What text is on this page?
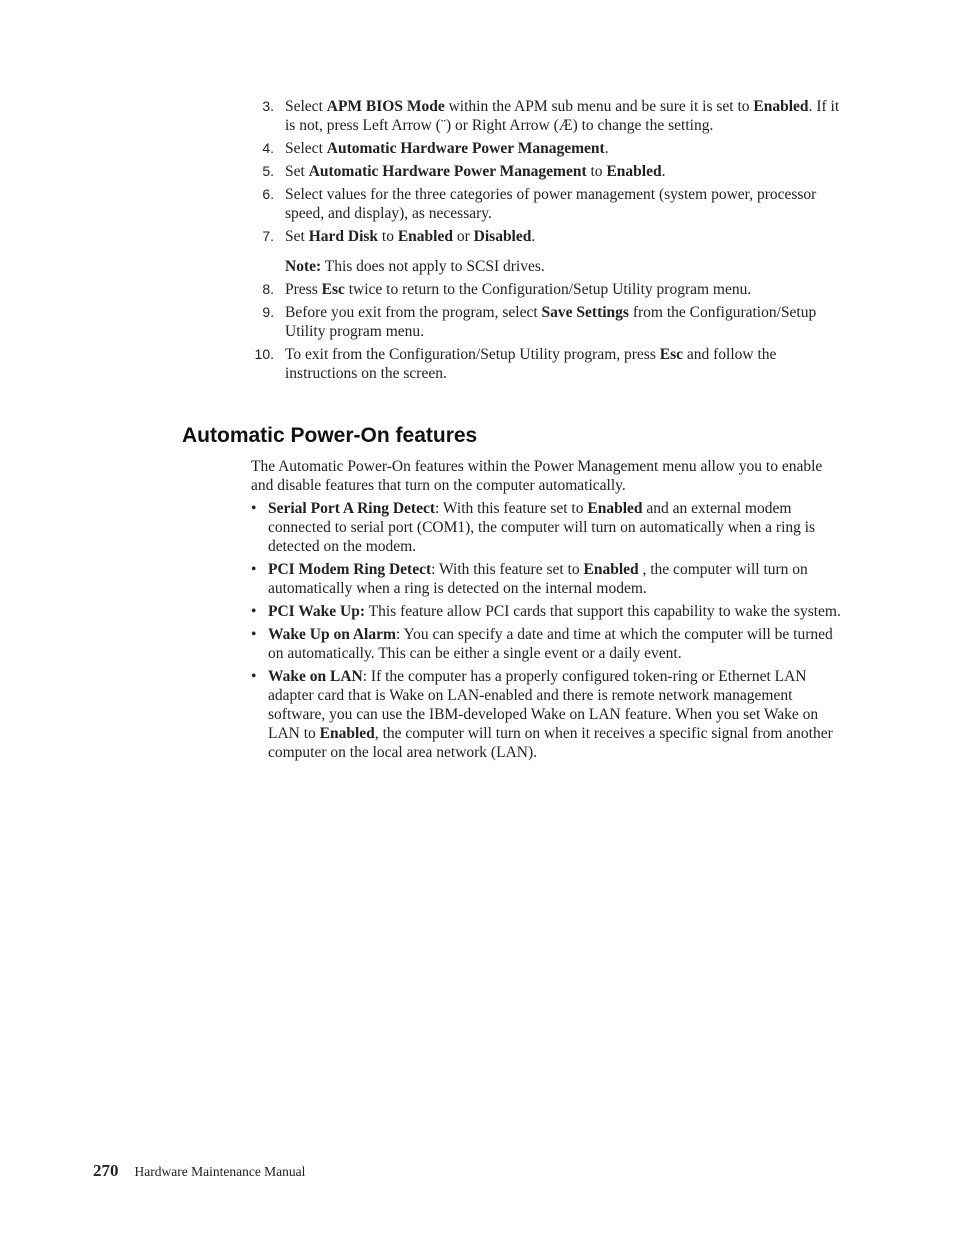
3. Select APM BIOS Mode within the APM sub menu and be sure it is set to Enabled. If it is not, press Left Arrow (¨) or Right Arrow (Æ) to change the setting.
4. Select Automatic Hardware Power Management.
5. Set Automatic Hardware Power Management to Enabled.
6. Select values for the three categories of power management (system power, processor speed, and display), as necessary.
7. Set Hard Disk to Enabled or Disabled.
Note: This does not apply to SCSI drives.
8. Press Esc twice to return to the Configuration/Setup Utility program menu.
9. Before you exit from the program, select Save Settings from the Configuration/Setup Utility program menu.
10. To exit from the Configuration/Setup Utility program, press Esc and follow the instructions on the screen.
Automatic Power-On features

The Automatic Power-On features within the Power Management menu allow you to enable and disable features that turn on the computer automatically.

• Serial Port A Ring Detect: With this feature set to Enabled and an external modem connected to serial port (COM1), the computer will turn on automatically when a ring is detected on the modem.
• PCI Modem Ring Detect: With this feature set to Enabled , the computer will turn on automatically when a ring is detected on the internal modem.
• PCI Wake Up: This feature allow PCI cards that support this capability to wake the system.
• Wake Up on Alarm: You can specify a date and time at which the computer will be turned on automatically. This can be either a single event or a daily event.
• Wake on LAN: If the computer has a properly configured token-ring or Ethernet LAN adapter card that is Wake on LAN-enabled and there is remote network management software, you can use the IBM-developed Wake on LAN feature. When you set Wake on LAN to Enabled, the computer will turn on when it receives a specific signal from another computer on the local area network (LAN).
270 Hardware Maintenance Manual
